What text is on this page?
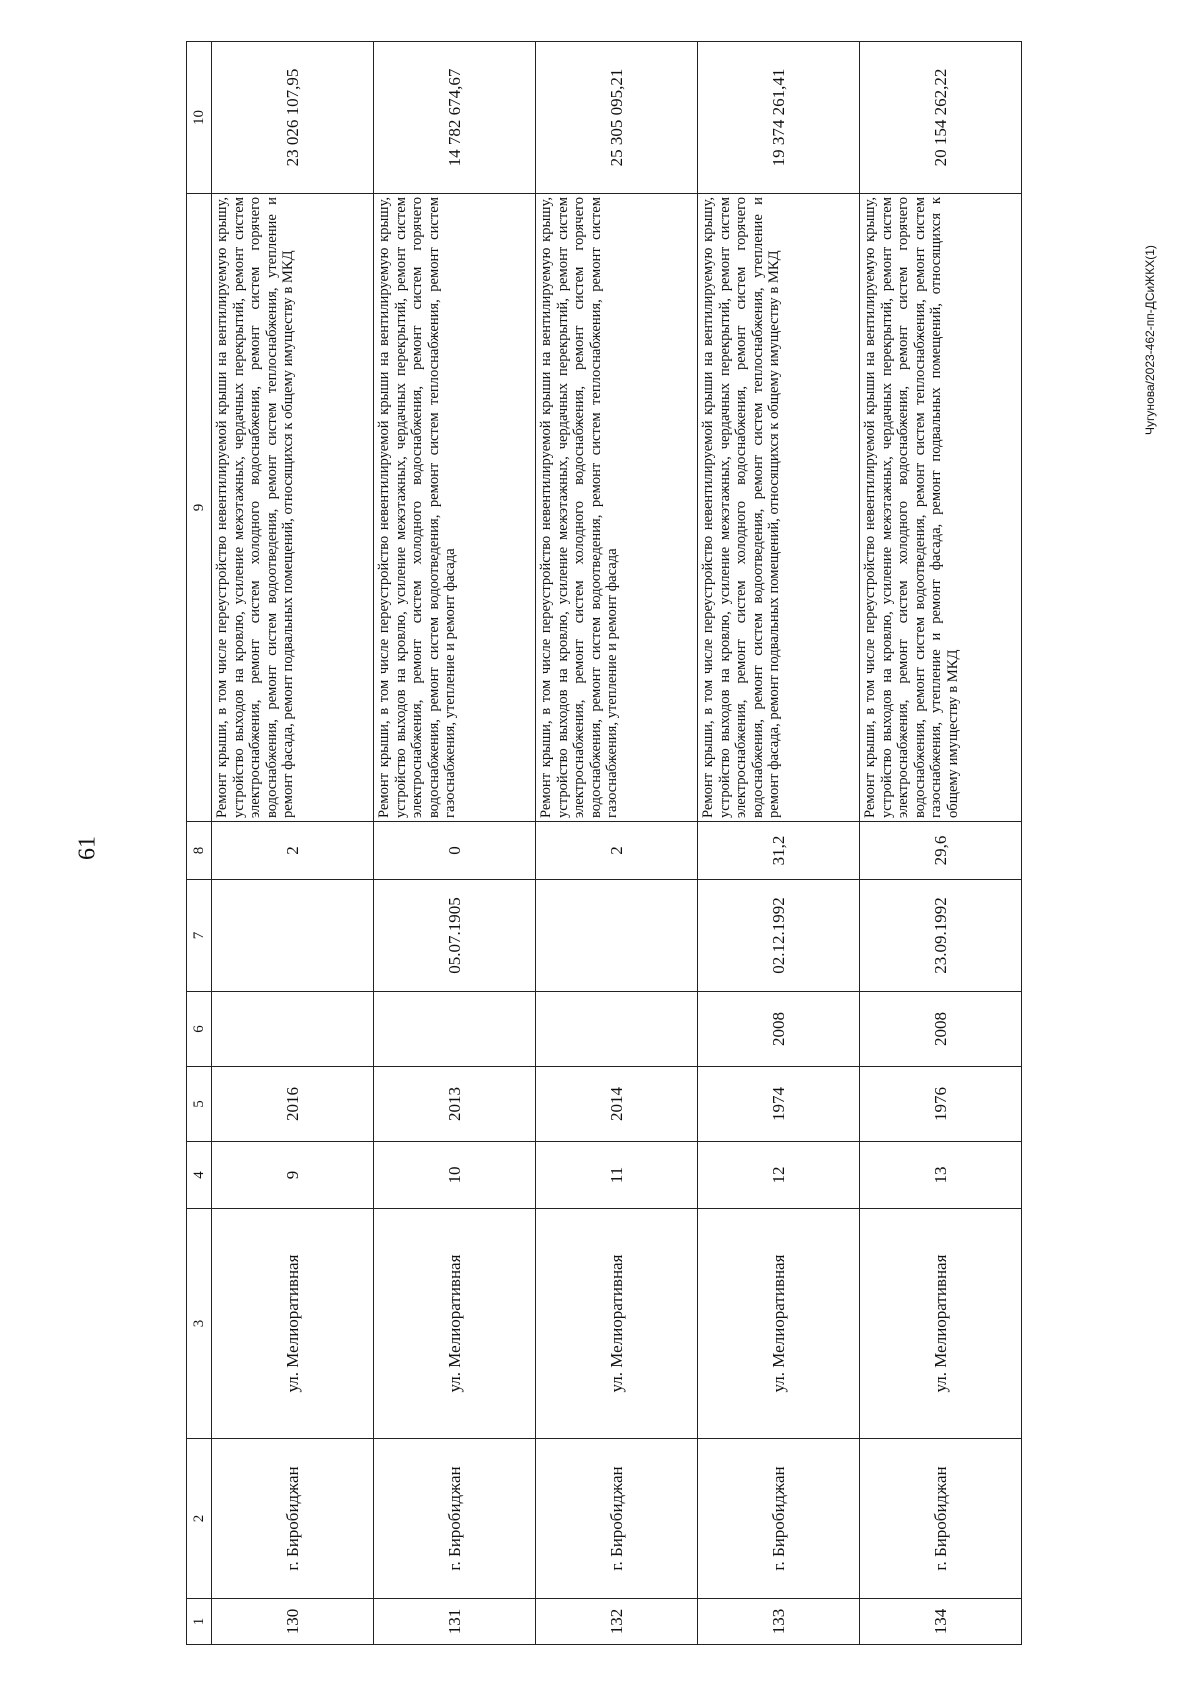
61
Чугунова/2023-462-пп-ДСиЖКХ(1)
1	2	3	4	5	6	7	8	9	10
130	г. Биробиджан	ул. Мелиоративная	9	2016			2	Ремонт крыши, в том числе переустройство невентилируемой крыши на вентилируемую крышу, устройство выходов на кровлю, усиление межэтажных, чердачных перекрытий, ремонт систем электроснабжения, ремонт систем холодного водоснабжения, ремонт систем горячего водоснабжения, ремонт систем водоотведения, ремонт систем теплоснабжения, утепление и ремонт фасада, ремонт подвальных помещений, относящихся к общему имуществу в МКД	23 026 107,95
131	г. Биробиджан	ул. Мелиоративная	10	2013		05.07.1905	0	Ремонт крыши, в том числе переустройство невентилируемой крыши на вентилируемую крышу, устройство выходов на кровлю, усиление межэтажных, чердачных перекрытий, ремонт систем электроснабжения, ремонт систем холодного водоснабжения, ремонт систем горячего водоснабжения, ремонт систем водоотведения, ремонт систем теплоснабжения, ремонт систем газоснабжения, утепление и ремонт фасада	14 782 674,67
132	г. Биробиджан	ул. Мелиоративная	11	2014			2	Ремонт крыши, в том числе переустройство невентилируемой крыши на вентилируемую крышу, устройство выходов на кровлю, усиление межэтажных, чердачных перекрытий, ремонт систем электроснабжения, ремонт систем холодного водоснабжения, ремонт систем горячего водоснабжения, ремонт систем водоотведения, ремонт систем теплоснабжения, ремонт систем газоснабжения, утепление и ремонт фасада	25 305 095,21
133	г. Биробиджан	ул. Мелиоративная	12	1974	2008	02.12.1992	31,2	Ремонт крыши, в том числе переустройство невентилируемой крыши на вентилируемую крышу, устройство выходов на кровлю, усиление межэтажных, чердачных перекрытий, ремонт систем электроснабжения, ремонт систем холодного водоснабжения, ремонт систем горячего водоснабжения, ремонт систем водоотведения, ремонт систем теплоснабжения, утепление и ремонт фасада, ремонт подвальных помещений, относящихся к общему имуществу в МКД	19 374 261,41
134	г. Биробиджан	ул. Мелиоративная	13	1976	2008	23.09.1992	29,6	Ремонт крыши, в том числе переустройство невентилируемой крыши на вентилируемую крышу, устройство выходов на кровлю, усиление межэтажных, чердачных перекрытий, ремонт систем электроснабжения, ремонт систем холодного водоснабжения, ремонт систем горячего водоснабжения, ремонт систем водоотведения, ремонт систем теплоснабжения, ремонт систем газоснабжения, утепление и ремонт фасада, ремонт подвальных помещений, относящихся к общему имуществу в МКД	20 154 262,22
